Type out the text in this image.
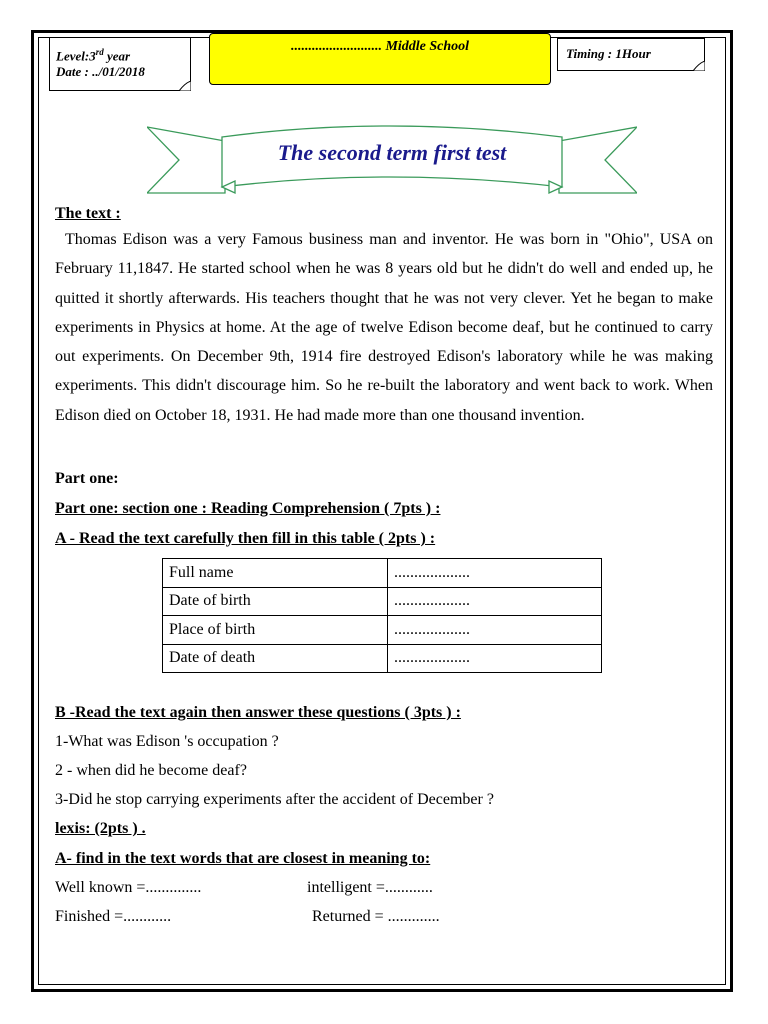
Level:3rd year
Date : ../01/2018
.......................... Middle School	Timing : 1Hour
The second term first test
The text :

Thomas Edison was a very Famous business man and inventor. He was born in "Ohio", USA on February 11,1847. He started school when he was 8 years old but he didn't do well and ended up, he quitted it shortly afterwards. His teachers thought that he was not very clever. Yet he began to make experiments in Physics at home. At the age of twelve Edison become deaf, but he continued to carry out experiments. On December 9th, 1914 fire destroyed Edison's laboratory while he was making experiments. This didn't discourage him. So he re-built the laboratory and went back to work. When Edison died on October 18, 1931. He had made more than one thousand invention.

Part one:
Part one: section one : Reading Comprehension ( 7pts ) :
A - Read the text carefully then fill in this table ( 2pts ) :
Full name	...................
Date of birth	...................
Place of birth	...................
Date of death	...................
B -Read the text again then answer these questions ( 3pts ) :
1-What was Edison 's occupation ?
2 - when did he become deaf?
3-Did he stop carrying experiments after the accident of December ?
lexis: (2pts ) .
A- find in the text words that are closest in meaning to:
Well known =..............	intelligent =............
Finished =............	Returned = .............
